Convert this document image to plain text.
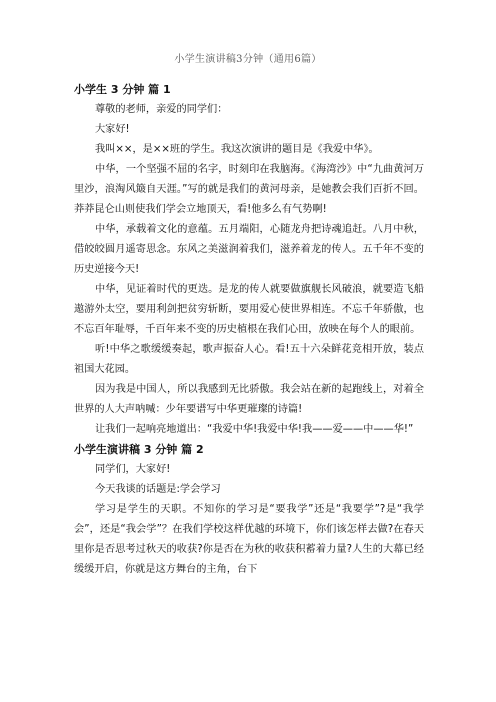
小学生演讲稿3分钟（通用6篇）
小学生 3 分钟 篇 1

尊敬的老师，亲爱的同学们：

大家好!

我叫××，是××班的学生。我这次演讲的题目是《我爱中华》。

中华，一个坚强不屈的名字，时刻印在我脑海。《海湾沙》中“九曲黄河万里沙，浪淘风簸自天涯。”写的就是我们的黄河母亲，是她教会我们百折不回。莽莽昆仑山则使我们学会立地顶天，看!他多么有气势啊!

中华，承载着文化的意蕴。五月端阳，心随龙舟把诗魂追赶。八月中秋，借皎皎圆月遥寄思念。东风之美滋润着我们，滋养着龙的传人。五千年不变的历史逆接今天!

中华，见证着时代的更迭。是龙的传人就要做旗舰长风破浪，就要造飞船遨游外太空，要用利剑把贫穷斩断，要用爱心使世界相连。不忘千年骄傲，也不忘百年耻辱，千百年来不变的历史植根在我们心田，放映在每个人的眼前。

听!中华之歌缓缓奏起，歌声振奋人心。看!五十六朵鲜花竞相开放，装点祖国大花园。

因为我是中国人，所以我感到无比骄傲。我会站在新的起跑线上，对着全世界的人大声呐喊：少年要谱写中华更璀璨的诗篇!

让我们一起响亮地道出：“我爱中华!我爱中华!我——爱——中——华!”

小学生演讲稿 3 分钟 篇 2

同学们，大家好!

今天我谈的话题是:学会学习

学习是学生的天职。不知你的学习是“要我学”还是“我要学”?是“我学会”，还是“我会学”？在我们学校这样优越的环境下，你们该怎样去做?在春天里你是否思考过秋天的收获?你是否在为秋的收获积蓄着力量?人生的大幕已经缓缓开启，你就是这方舞台的主角，台下
